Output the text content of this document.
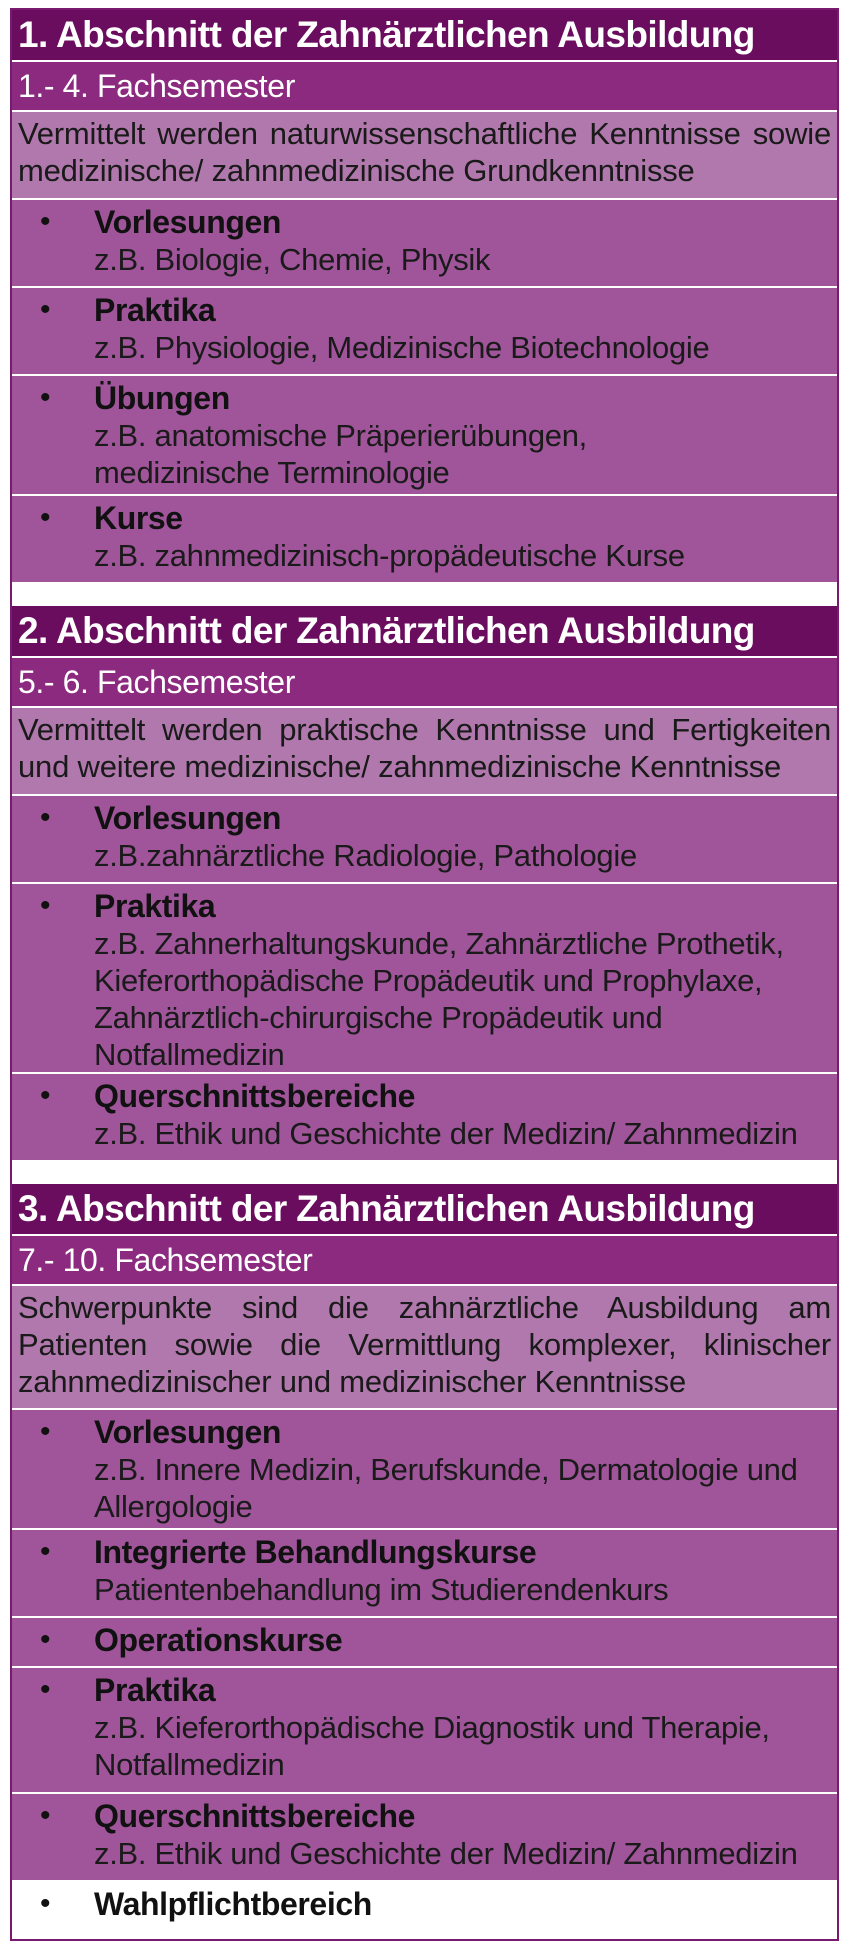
1. Abschnitt der Zahnärztlichen Ausbildung
1.- 4. Fachsemester
Vermittelt werden naturwissenschaftliche Kenntnisse sowie medizinische/ zahnmedizinische Grundkenntnisse
• Vorlesungen
z.B. Biologie, Chemie, Physik
• Praktika
z.B. Physiologie, Medizinische Biotechnologie
• Übungen
z.B. anatomische Präperierübungen,
medizinische Terminologie
• Kurse
z.B. zahnmedizinisch-propädeutische Kurse
2. Abschnitt der Zahnärztlichen Ausbildung
5.- 6. Fachsemester
Vermittelt werden praktische Kenntnisse und Fertigkeiten und weitere medizinische/ zahnmedizinische Kenntnisse
• Vorlesungen
z.B.zahnärztliche Radiologie, Pathologie
• Praktika
z.B. Zahnerhaltungskunde, Zahnärztliche Prothetik,
Kieferorthopädische Propädeutik und Prophylaxe,
Zahnärztlich-chirurgische Propädeutik und
Notfallmedizin
• Querschnittsbereiche
z.B. Ethik und Geschichte der Medizin/ Zahnmedizin
3. Abschnitt der Zahnärztlichen Ausbildung
7.- 10. Fachsemester
Schwerpunkte sind die zahnärztliche Ausbildung am Patienten sowie die Vermittlung komplexer, klinischer zahnmedizinischer und medizinischer Kenntnisse
• Vorlesungen
z.B. Innere Medizin, Berufskunde, Dermatologie und
Allergologie
• Integrierte Behandlungskurse
Patientenbehandlung im Studierendenkurs
• Operationskurse
• Praktika
z.B. Kieferorthopädische Diagnostik und Therapie,
Notfallmedizin
• Querschnittsbereiche
z.B. Ethik und Geschichte der Medizin/ Zahnmedizin
• Wahlpflichtbereich
